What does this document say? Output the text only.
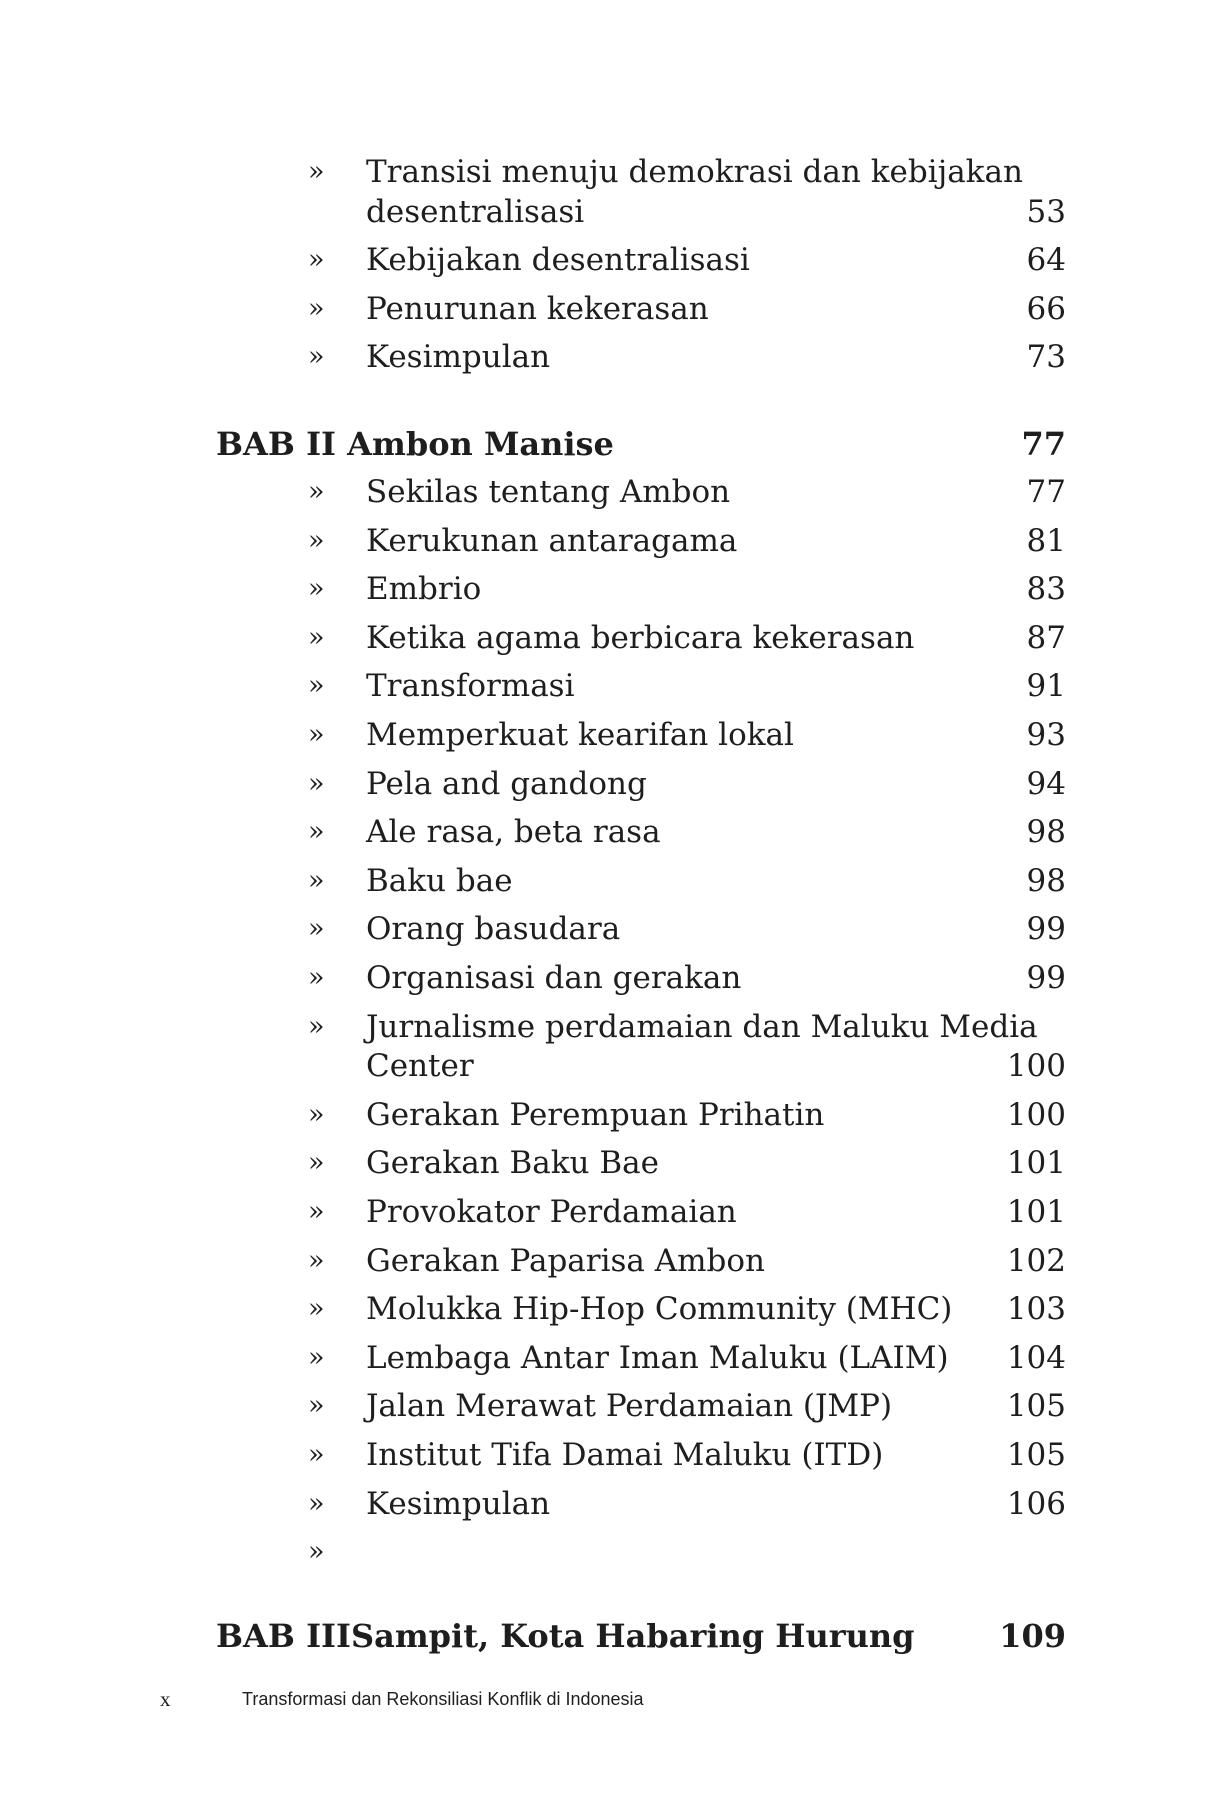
» Transisi menuju demokrasi dan kebijakan
desentralisasi	53
» Kebijakan desentralisasi	64
» Penurunan kekerasan	66
» Kesimpulan	73
BAB II Ambon Manise	77
» Sekilas tentang Ambon	77
» Kerukunan antaragama	81
» Embrio	83
» Ketika agama berbicara kekerasan	87
» Transformasi	91
» Memperkuat kearifan lokal	93
» Pela and gandong	94
» Ale rasa, beta rasa	98
» Baku bae	98
» Orang basudara	99
» Organisasi dan gerakan	99
» Jurnalisme perdamaian dan Maluku Media
Center	100
» Gerakan Perempuan Prihatin	100
» Gerakan Baku Bae	101
» Provokator Perdamaian	101
» Gerakan Paparisa Ambon	102
» Molukka Hip-Hop Community (MHC) 103
» Lembaga Antar Iman Maluku (LAIM) 104
» Jalan Merawat Perdamaian (JMP)	105
» Institut Tifa Damai Maluku (ITD)	105
» Kesimpulan	106
»
BAB IIISampit, Kota Habaring Hurung	109
x	Transformasi dan Rekonsiliasi Konflik di Indonesia
